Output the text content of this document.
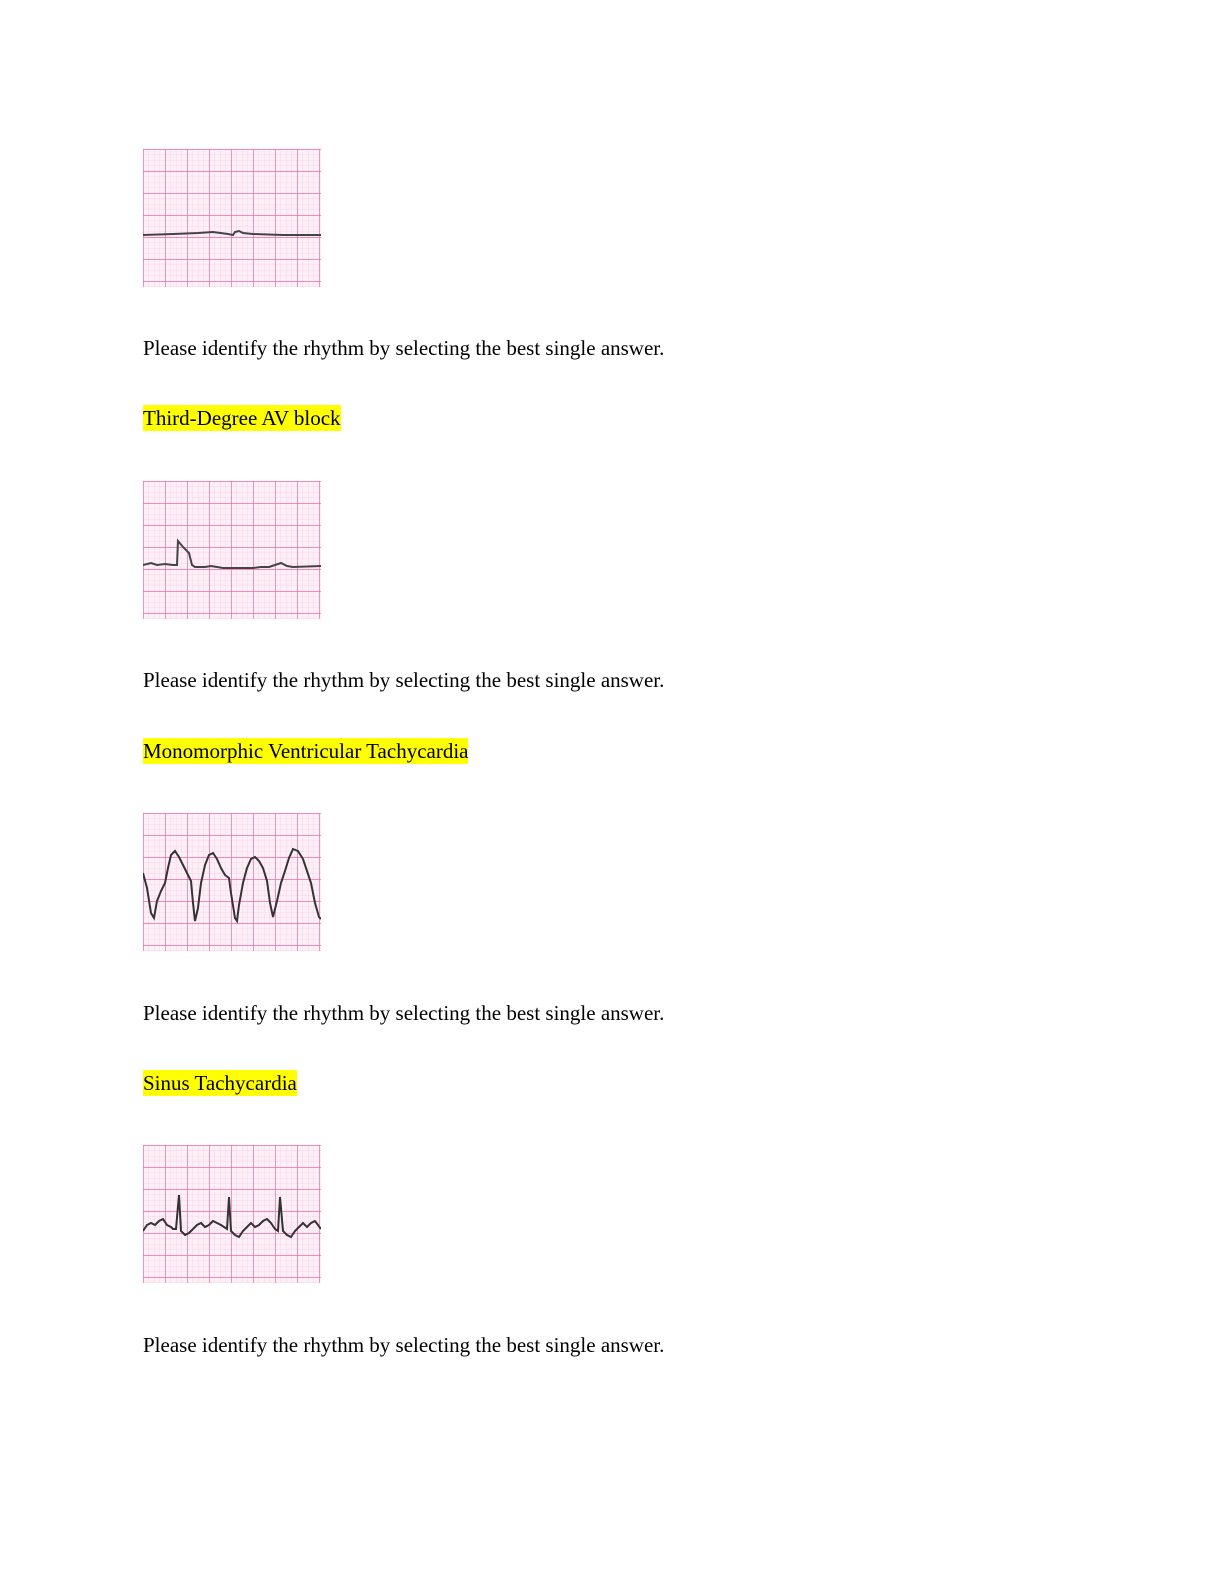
Please identify the rhythm by selecting the best single answer.
Third-Degree AV block
Please identify the rhythm by selecting the best single answer.
Monomorphic Ventricular Tachycardia
Please identify the rhythm by selecting the best single answer.
Sinus Tachycardia
Please identify the rhythm by selecting the best single answer.
